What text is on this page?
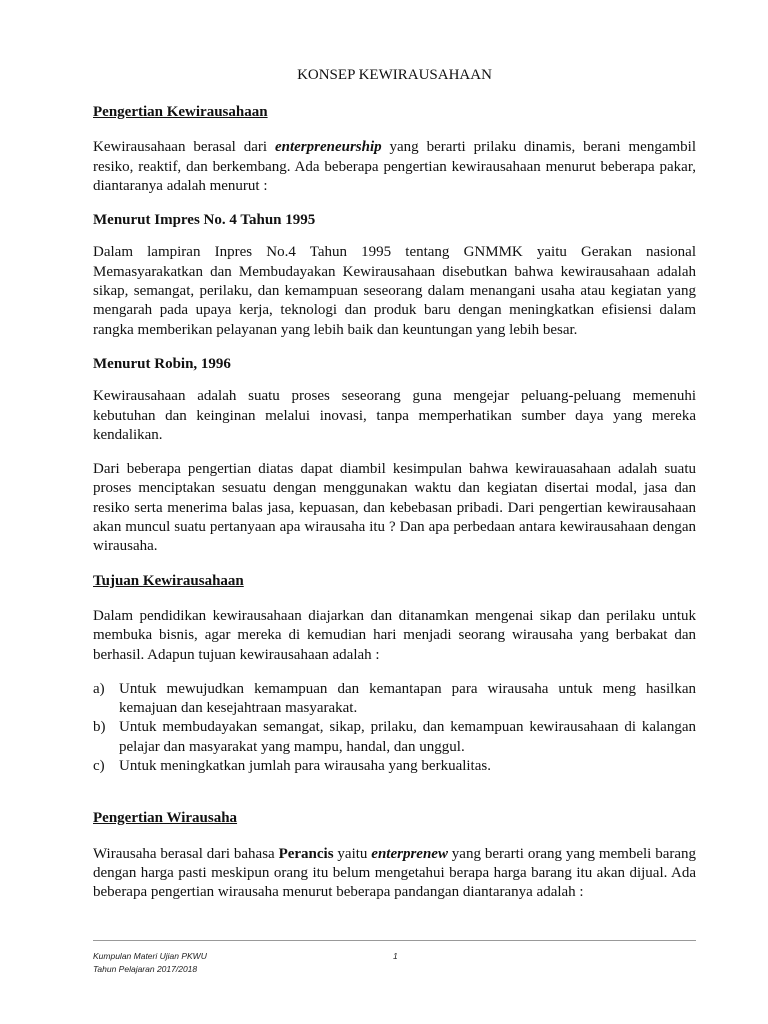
KONSEP KEWIRAUSAHAAN

Pengertian Kewirausahaan

Kewirausahaan berasal dari enterpreneurship yang berarti prilaku dinamis, berani mengambil resiko, reaktif, dan berkembang. Ada beberapa pengertian kewirausahaan menurut beberapa pakar, diantaranya adalah menurut :

Menurut Impres No. 4 Tahun 1995

Dalam lampiran Inpres No.4 Tahun 1995 tentang GNMMK yaitu Gerakan nasional Memasyarakatkan dan Membudayakan Kewirausahaan disebutkan bahwa kewirausahaan adalah sikap, semangat, perilaku, dan kemampuan seseorang dalam menangani usaha atau kegiatan yang mengarah pada upaya kerja, teknologi dan produk baru dengan meningkatkan efisiensi dalam rangka memberikan pelayanan yang lebih baik dan keuntungan yang lebih besar.

Menurut Robin, 1996

Kewirausahaan adalah suatu proses seseorang guna mengejar peluang-peluang memenuhi kebutuhan dan keinginan melalui inovasi, tanpa memperhatikan sumber daya yang mereka kendalikan.

Dari beberapa pengertian diatas dapat diambil kesimpulan bahwa kewirauasahaan adalah suatu proses menciptakan sesuatu dengan menggunakan waktu dan kegiatan disertai modal, jasa dan resiko serta menerima balas jasa, kepuasan, dan kebebasan pribadi. Dari pengertian kewirausahaan akan muncul suatu pertanyaan apa wirausaha itu ? Dan apa perbedaan antara kewirausahaan dengan wirausaha.

Tujuan Kewirausahaan

Dalam pendidikan kewirausahaan diajarkan dan ditanamkan mengenai sikap dan perilaku untuk membuka bisnis, agar mereka di kemudian hari menjadi seorang wirausaha yang berbakat dan berhasil. Adapun tujuan kewirausahaan adalah :

a) Untuk mewujudkan kemampuan dan kemantapan para wirausaha untuk meng hasilkan kemajuan dan kesejahtraan masyarakat.
b) Untuk membudayakan semangat, sikap, prilaku, dan kemampuan kewirausahaan di kalangan pelajar dan masyarakat yang mampu, handal, dan unggul.
c) Untuk meningkatkan jumlah para wirausaha yang berkualitas.

Pengertian Wirausaha

Wirausaha berasal dari bahasa Perancis yaitu enterprenew yang berarti orang yang membeli barang dengan harga pasti meskipun orang itu belum mengetahui berapa harga barang itu akan dijual. Ada beberapa pengertian wirausaha menurut beberapa pandangan diantaranya adalah :

Kumpulan Materi Ujian PKWU
Tahun Pelajaran 2017/2018
1
